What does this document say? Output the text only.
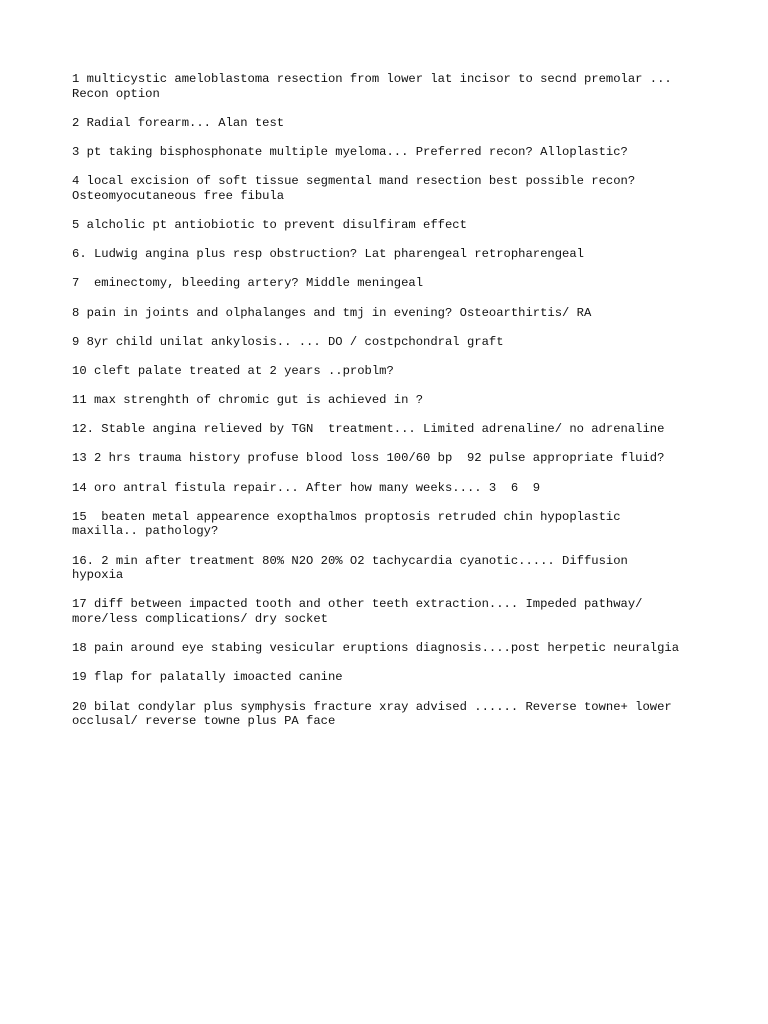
1 multicystic ameloblastoma resection from lower lat incisor to secnd premolar ...
Recon option

2 Radial forearm... Alan test

3 pt taking bisphosphonate multiple myeloma... Preferred recon? Alloplastic?

4 local excision of soft tissue segmental mand resection best possible recon?
Osteomyocutaneous free fibula

5 alcholic pt antiobiotic to prevent disulfiram effect

6. Ludwig angina plus resp obstruction? Lat pharengeal retropharengeal

7  eminectomy, bleeding artery? Middle meningeal

8 pain in joints and olphalanges and tmj in evening? Osteoarthirtis/ RA

9 8yr child unilat ankylosis.. ... DO / costpchondral graft

10 cleft palate treated at 2 years ..problm?

11 max strenghth of chromic gut is achieved in ?

12. Stable angina relieved by TGN  treatment... Limited adrenaline/ no adrenaline

13 2 hrs trauma history profuse blood loss 100/60 bp  92 pulse appropriate fluid?

14 oro antral fistula repair... After how many weeks.... 3  6  9

15  beaten metal appearence exopthalmos proptosis retruded chin hypoplastic
maxilla.. pathology?

16. 2 min after treatment 80% N2O 20% O2 tachycardia cyanotic..... Diffusion
hypoxia

17 diff between impacted tooth and other teeth extraction.... Impeded pathway/
more/less complications/ dry socket

18 pain around eye stabing vesicular eruptions diagnosis....post herpetic neuralgia

19 flap for palatally imoacted canine

20 bilat condylar plus symphysis fracture xray advised ...... Reverse towne+ lower
occlusal/ reverse towne plus PA face
